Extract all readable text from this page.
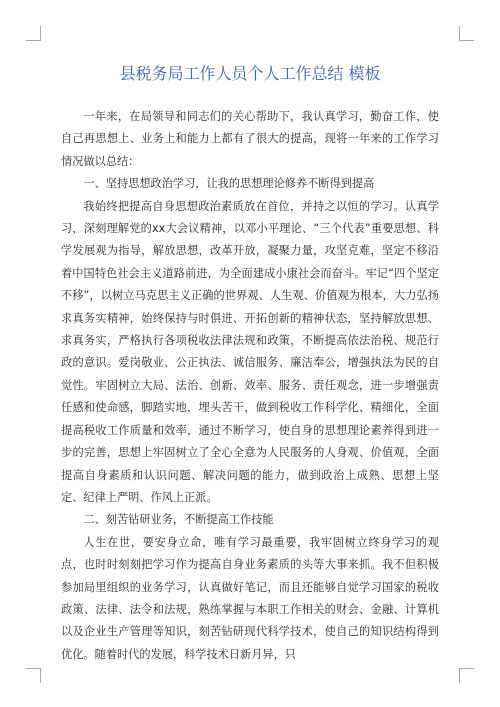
县税务局工作人员个人工作总结 模板

一年来，在局领导和同志们的关心帮助下，我认真学习，勤奋工作，使自己再思想上、业务上和能力上都有了很大的提高，现将一年来的工作学习情况做以总结：

一、坚持思想政治学习，让我的思想理论修养不断得到提高

我始终把提高自身思想政治素质放在首位，并持之以恒的学习。认真学习，深刻理解党的xx大会议精神，以邓小平理论、“三个代表”重要思想、科学发展观为指导，解放思想，改革开放，凝聚力量，攻坚克难，坚定不移沿着中国特色社会主义道路前进，为全面建成小康社会而奋斗。牢记“四个坚定不移”，以树立马克思主义正确的世界观、人生观、价值观为根本，大力弘扬求真务实精神，始终保持与时俱进、开拓创新的精神状态，坚持解放思想、求真务实，严格执行各项税收法律法规和政策，不断提高依法治税、规范行政的意识。爱岗敬业、公正执法、诚信服务、廉洁奉公，增强执法为民的自觉性。牢固树立大局、法治、创新、效率、服务、责任观念，进一步增强责任感和使命感，脚踏实地，埋头苦干，做到税收工作科学化、精细化，全面提高税收工作质量和效率，通过不断学习，使自身的思想理论素养得到进一步的完善，思想上牢固树立了全心全意为人民服务的人身观、价值观，全面提高自身素质和认识问题、解决问题的能力，做到政治上成熟、思想上坚定、纪律上严明、作风上正派。

二、刻苦钻研业务，不断提高工作技能

人生在世，要安身立命，唯有学习最重要，我牢固树立终身学习的观点，也时时刻刻把学习作为提高自身业务素质的头等大事来抓。我不但积极参加局里组织的业务学习，认真做好笔记，而且还能够自觉学习国家的税收政策、法律、法令和法规，熟练掌握与本职工作相关的财会、金融、计算机以及企业生产管理等知识，刻苦钻研现代科学技术，使自己的知识结构得到优化。随着时代的发展，科学技术日新月异，只
